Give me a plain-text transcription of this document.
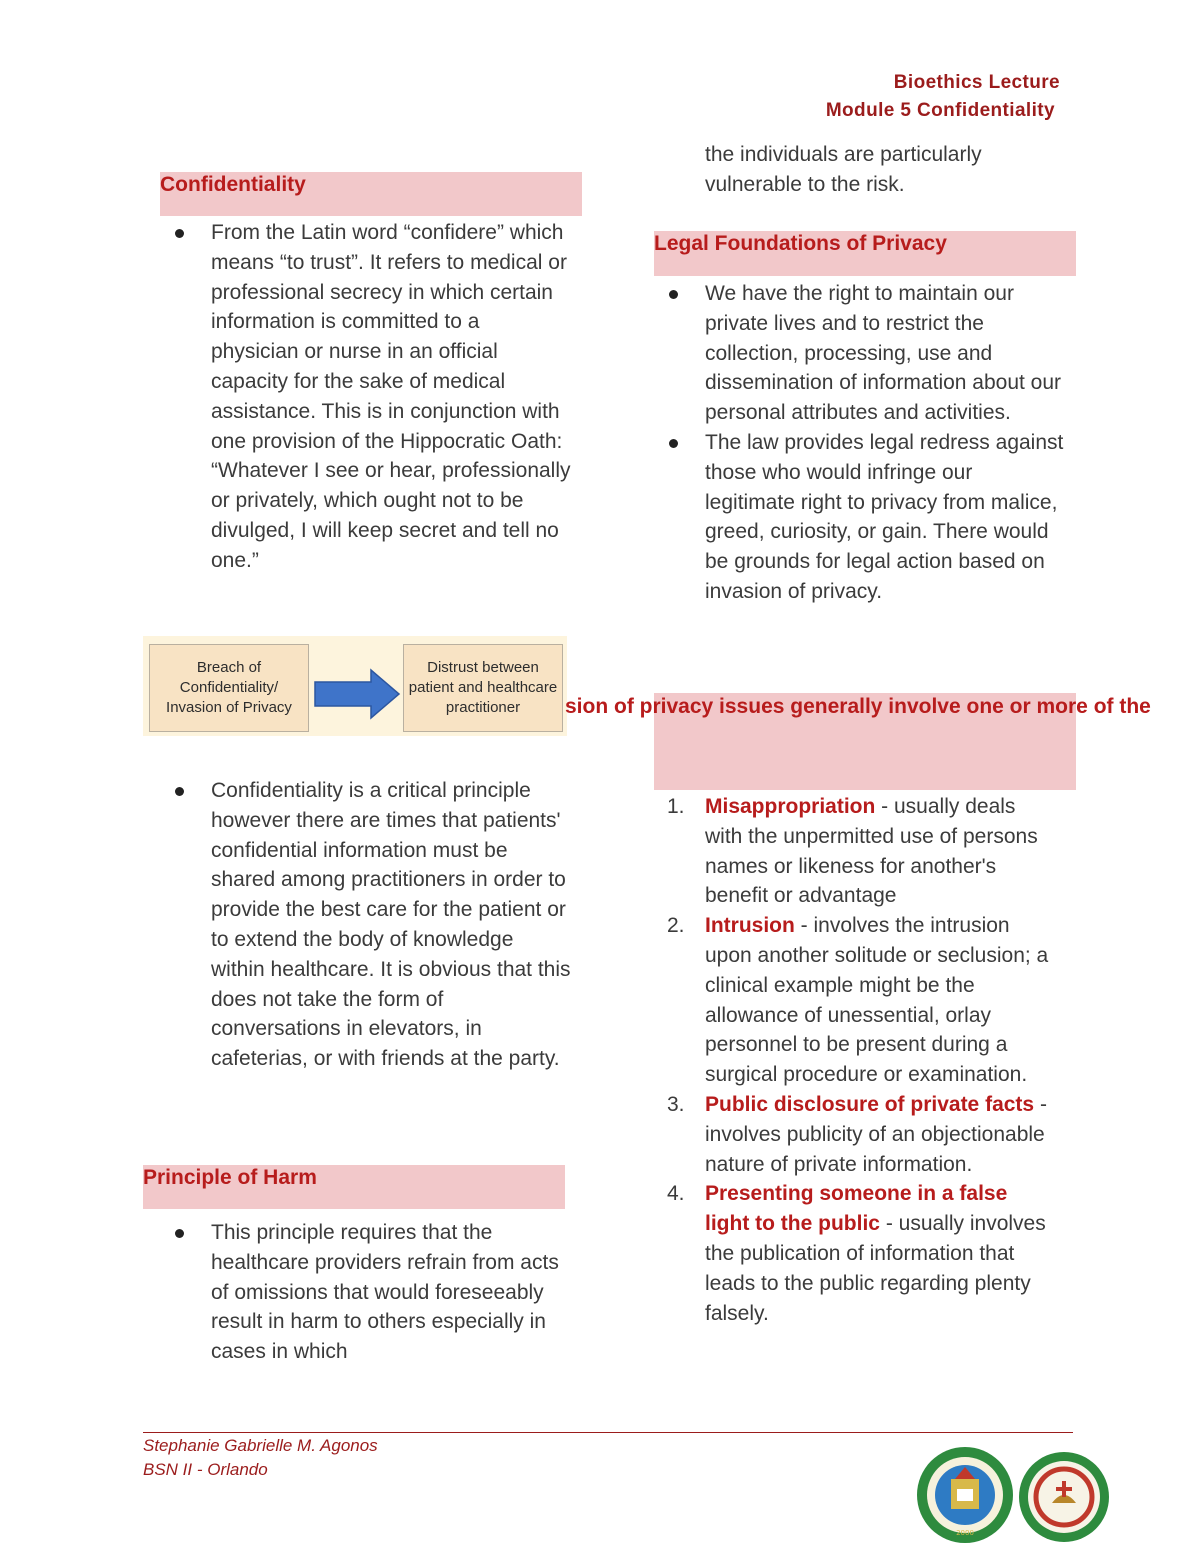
Bioethics Lecture
Module 5 Confidentiality
Confidentiality
From the Latin word “confidere” which means “to trust”. It refers to medical or professional secrecy in which certain information is committed to a physician or nurse in an official capacity for the sake of medical assistance. This is in conjunction with one provision of the Hippocratic Oath: “Whatever I see or hear, professionally or privately, which ought not to be divulged, I will keep secret and tell no one.”
Breach of Confidentiality/ Invasion of Privacy
Distrust between patient and healthcare practitioner
Confidentiality is a critical principle however there are times that patients' confidential information must be shared among practitioners in order to provide the best care for the patient or to extend the body of knowledge within healthcare. It is obvious that this does not take the form of conversations in elevators, in cafeterias, or with friends at the party.
Principle of Harm
This principle requires that the healthcare providers refrain from acts of omissions that would foreseeably result in harm to others especially in cases in which
the individuals are particularly vulnerable to the risk.
Legal Foundations of Privacy
We have the right to maintain our private lives and to restrict the collection, processing, use and dissemination of information about our personal attributes and activities.
The law provides legal redress against those who would infringe our legitimate right to privacy from malice, greed, curiosity, or gain. There would be grounds for legal action based on invasion of privacy.
sion of privacy issues generally involve one or more of the
1. Misappropriation - usually deals with the unpermitted use of persons names or likeness for another's benefit or advantage
2. Intrusion - involves the intrusion upon another solitude or seclusion; a clinical example might be the allowance of unessential, orlay personnel to be present during a surgical procedure or examination.
3. Public disclosure of private facts - involves publicity of an objectionable nature of private information.
4. Presenting someone in a false light to the public - usually involves the publication of information that leads to the public regarding plenty falsely.
Stephanie Gabrielle M. Agonos
BSN II - Orlando
2000
